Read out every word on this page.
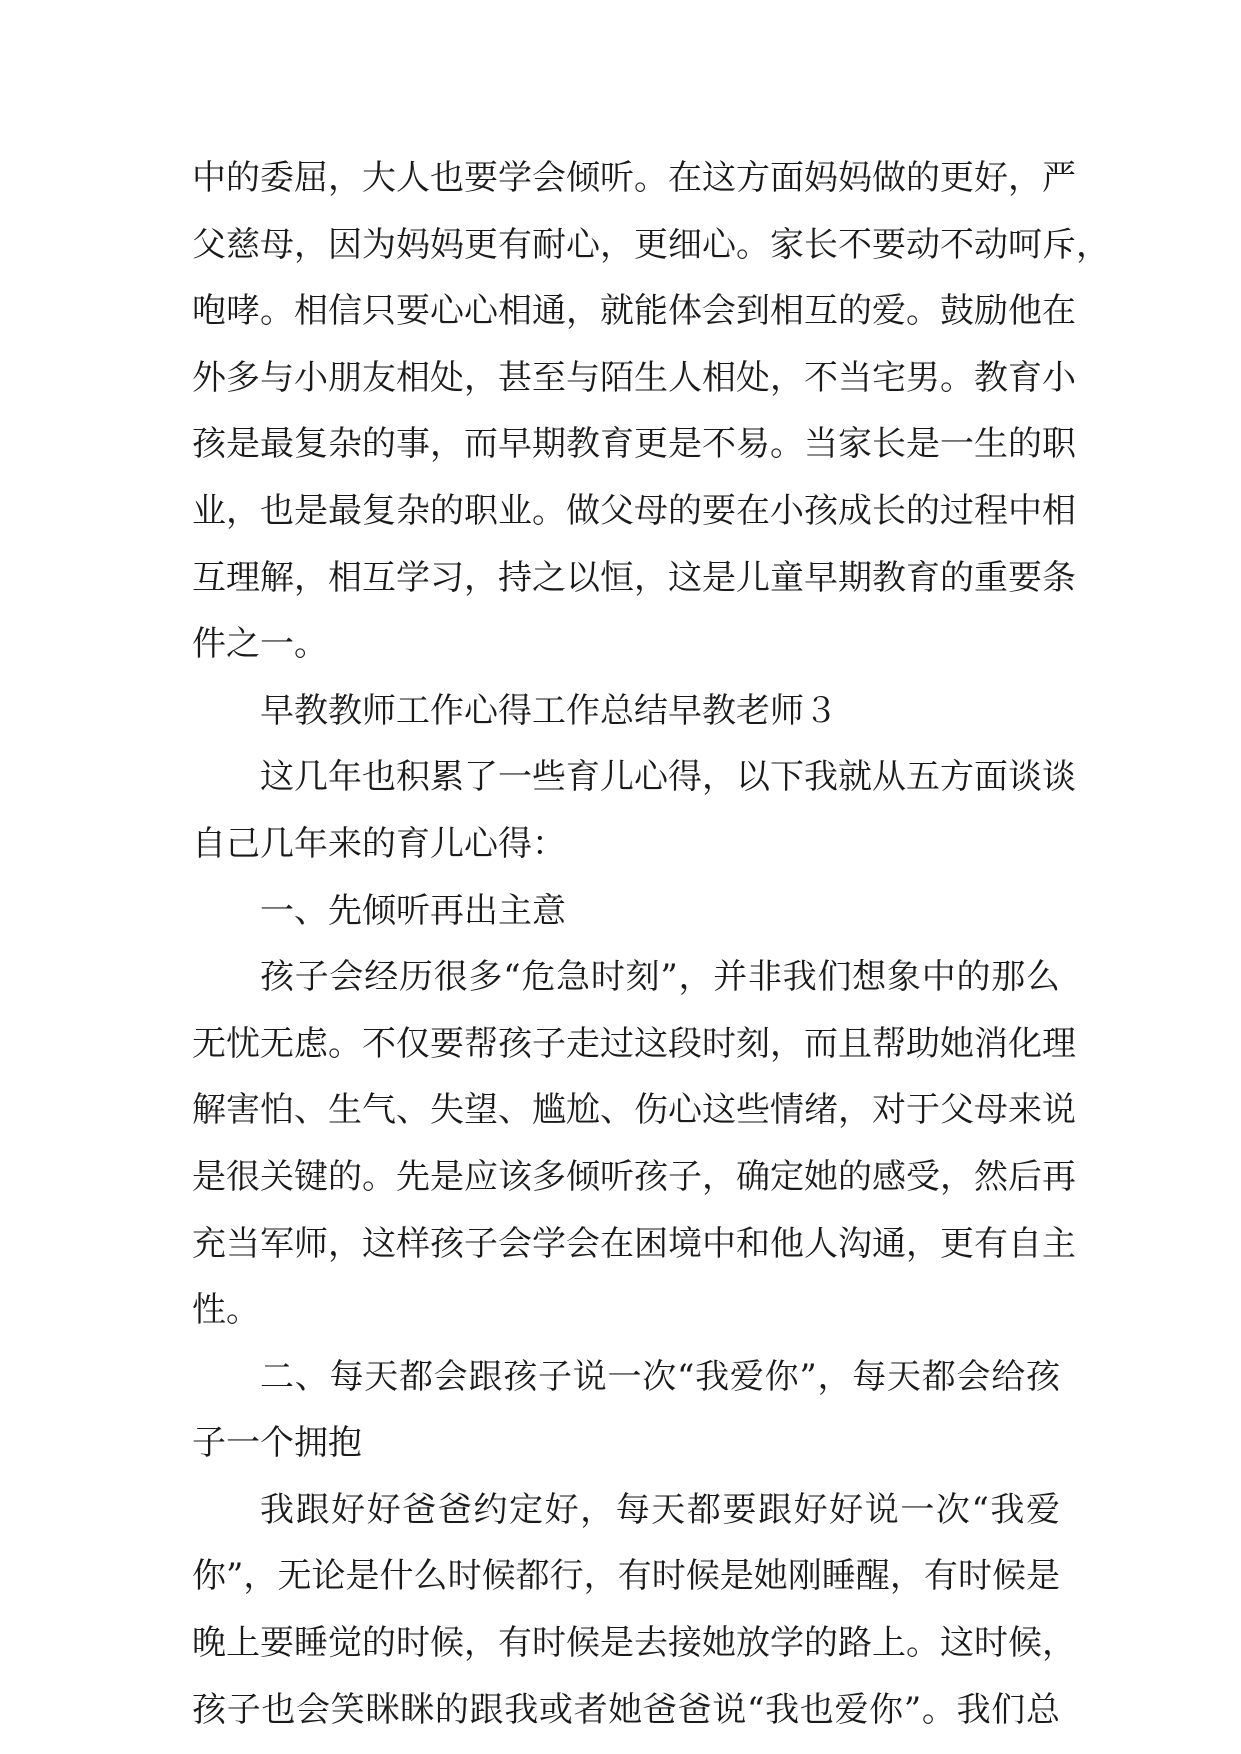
中的委屈，大人也要学会倾听。在这方面妈妈做的更好，严
父慈母，因为妈妈更有耐心，更细心。家长不要动不动呵斥，
咆哮。相信只要心心相通，就能体会到相互的爱。鼓励他在
外多与小朋友相处，甚至与陌生人相处，不当宅男。教育小
孩是最复杂的事，而早期教育更是不易。当家长是一生的职
业，也是最复杂的职业。做父母的要在小孩成长的过程中相
互理解，相互学习，持之以恒，这是儿童早期教育的重要条
件之一。
早教教师工作心得工作总结早教老师３
这几年也积累了一些育儿心得，以下我就从五方面谈谈
自己几年来的育儿心得：
一、先倾听再出主意
孩子会经历很多“危急时刻”，并非我们想象中的那么
无忧无虑。不仅要帮孩子走过这段时刻，而且帮助她消化理
解害怕、生气、失望、尴尬、伤心这些情绪，对于父母来说
是很关键的。先是应该多倾听孩子，确定她的感受，然后再
充当军师，这样孩子会学会在困境中和他人沟通，更有自主
性。
二、每天都会跟孩子说一次“我爱你”，每天都会给孩
子一个拥抱
我跟好好爸爸约定好，每天都要跟好好说一次“我爱
你”，无论是什么时候都行，有时候是她刚睡醒，有时候是
晚上要睡觉的时候，有时候是去接她放学的路上。这时候，
孩子也会笑眯眯的跟我或者她爸爸说“我也爱你”。我们总
